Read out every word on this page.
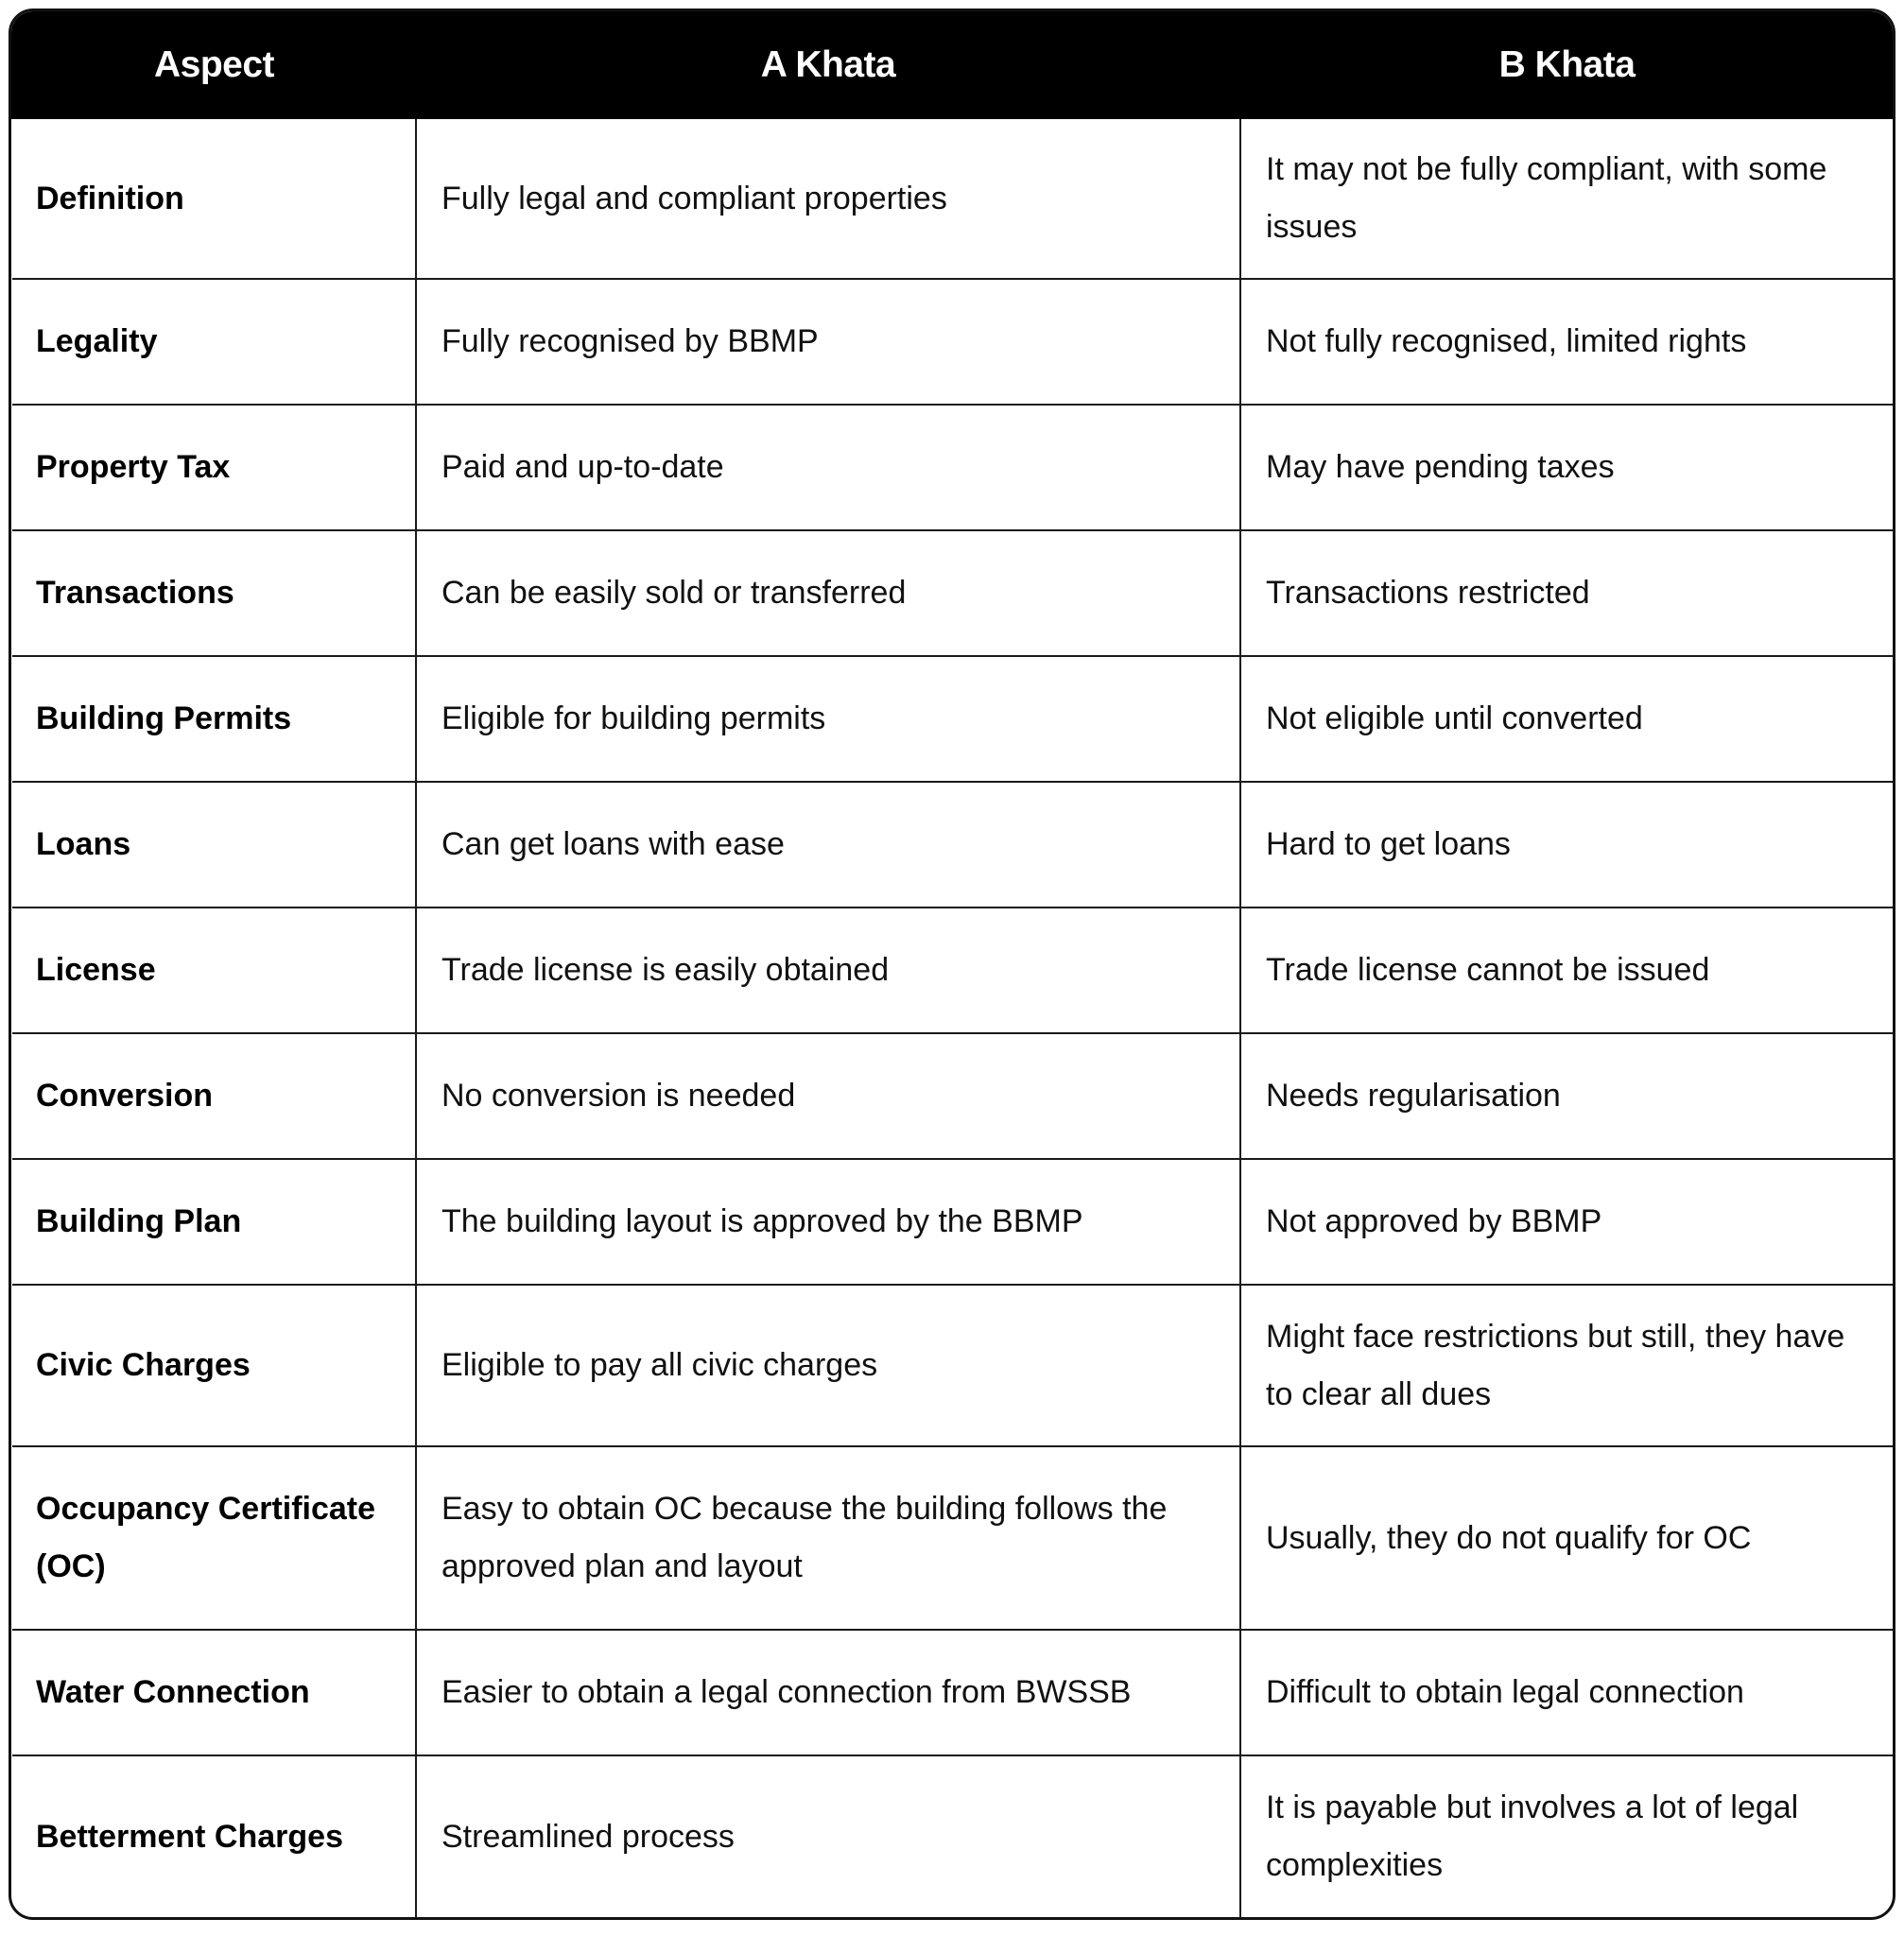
Aspect	A Khata	B Khata
Definition	Fully legal and compliant properties	It may not be fully compliant, with some issues
Legality	Fully recognised by BBMP	Not fully recognised, limited rights
Property Tax	Paid and up-to-date	May have pending taxes
Transactions	Can be easily sold or transferred	Transactions restricted
Building Permits	Eligible for building permits	Not eligible until converted
Loans	Can get loans with ease	Hard to get loans
License	Trade license is easily obtained	Trade license cannot be issued
Conversion	No conversion is needed	Needs regularisation
Building Plan	The building layout is approved by the BBMP	Not approved by BBMP
Civic Charges	Eligible to pay all civic charges	Might face restrictions but still, they have to clear all dues
Occupancy Certificate (OC)	Easy to obtain OC because the building follows the approved plan and layout	Usually, they do not qualify for OC
Water Connection	Easier to obtain a legal connection from BWSSB	Difficult to obtain legal connection
Betterment Charges	Streamlined process	It is payable but involves a lot of legal complexities
